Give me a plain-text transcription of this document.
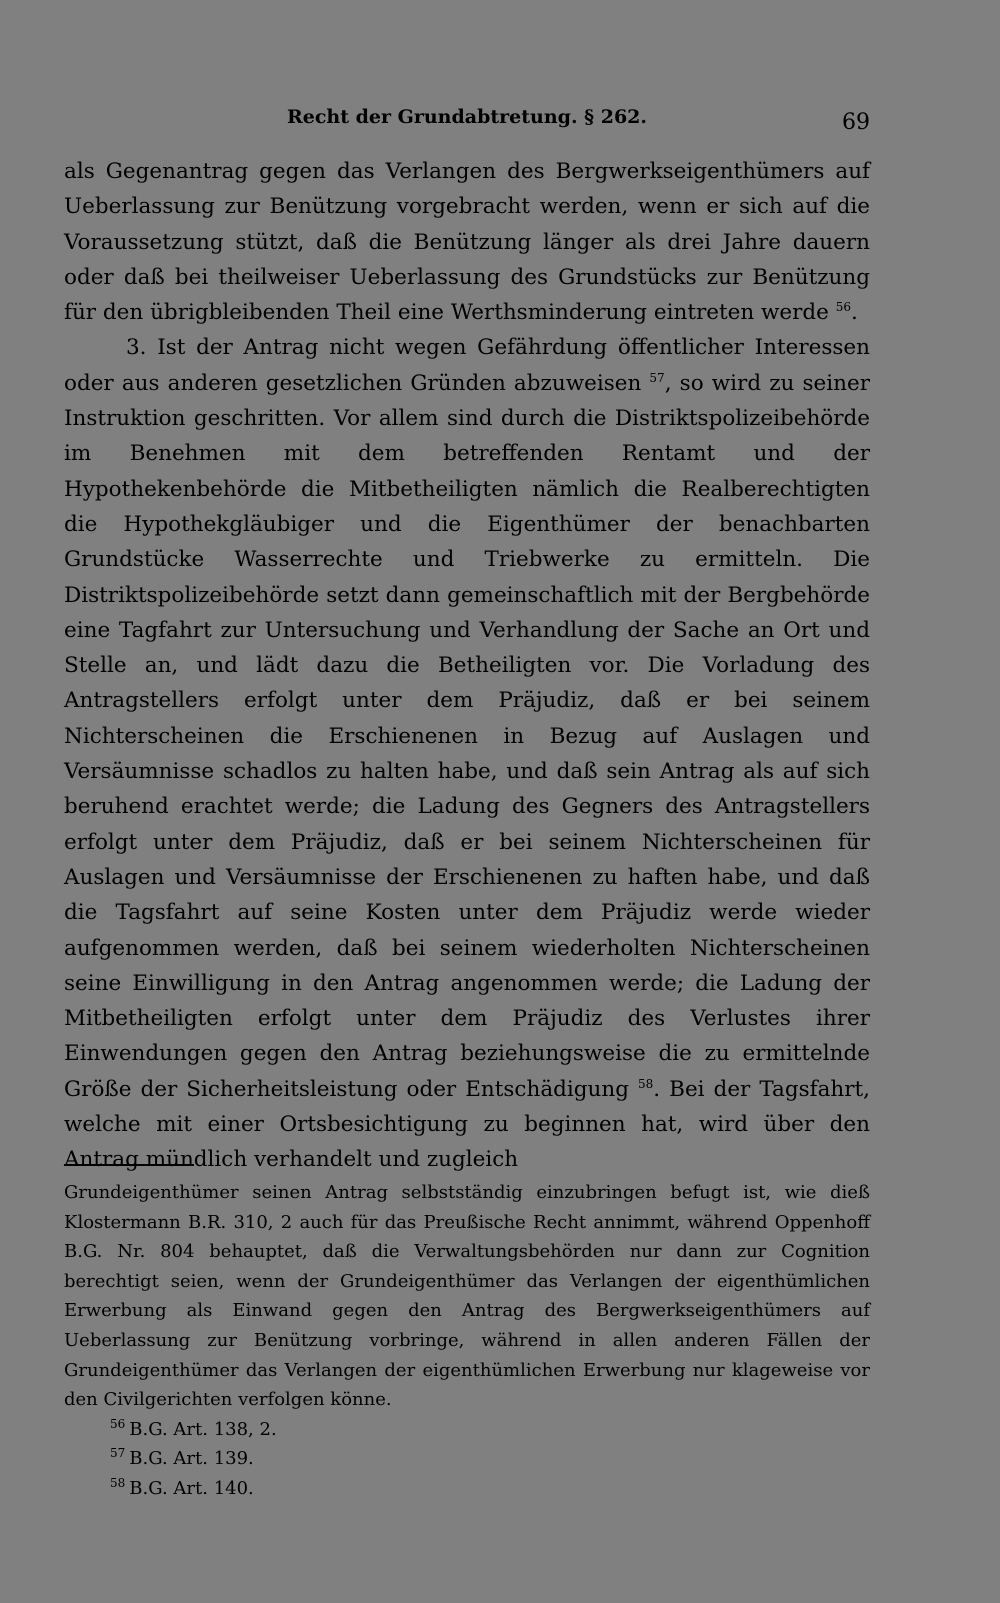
Recht der Grundabtretung. § 262.	69

als Gegenantrag gegen das Verlangen des Bergwerkseigenthümers auf Ueberlassung zur Benützung vorgebracht werden, wenn er sich auf die Voraussetzung stützt, daß die Benützung länger als drei Jahre dauern oder daß bei theilweiser Ueberlassung des Grundstücks zur Benützung für den übrigbleibenden Theil eine Werthsminderung eintreten werde $^{56}$.

3. Ist der Antrag nicht wegen Gefährdung öffentlicher Interessen oder aus anderen gesetzlichen Gründen abzuweisen $^{57}$, so wird zu seiner Instruktion geschritten. Vor allem sind durch die Distriktspolizeibehörde im Benehmen mit dem betreffenden Rentamt und der Hypothekenbehörde die Mitbetheiligten nämlich die Realberechtigten die Hypothekgläubiger und die Eigenthümer der benachbarten Grundstücke Wasserrechte und Triebwerke zu ermitteln. Die Distriktspolizeibehörde setzt dann gemeinschaftlich mit der Bergbehörde eine Tagfahrt zur Untersuchung und Verhandlung der Sache an Ort und Stelle an, und lädt dazu die Betheiligten vor. Die Vorladung des Antragstellers erfolgt unter dem Präjudiz, daß er bei seinem Nichterscheinen die Erschienenen in Bezug auf Auslagen und Versäumnisse schadlos zu halten habe, und daß sein Antrag als auf sich beruhend erachtet werde; die Ladung des Gegners des Antragstellers erfolgt unter dem Präjudiz, daß er bei seinem Nichterscheinen für Auslagen und Versäumnisse der Erschienenen zu haften habe, und daß die Tagsfahrt auf seine Kosten unter dem Präjudiz werde wieder aufgenommen werden, daß bei seinem wiederholten Nichterscheinen seine Einwilligung in den Antrag angenommen werde; die Ladung der Mitbetheiligten erfolgt unter dem Präjudiz des Verlustes ihrer Einwendungen gegen den Antrag beziehungsweise die zu ermittelnde Größe der Sicherheitsleistung oder Entschädigung $^{58}$. Bei der Tagsfahrt, welche mit einer Ortsbesichtigung zu beginnen hat, wird über den Antrag mündlich verhandelt und zugleich

Grundeigenthümer seinen Antrag selbstständig einzubringen befugt ist, wie dieß Klostermann B.R. 310, 2 auch für das Preußische Recht annimmt, während Oppenhoff B.G. Nr. 804 behauptet, daß die Verwaltungsbehörden nur dann zur Cognition berechtigt seien, wenn der Grundeigenthümer das Verlangen der eigenthümlichen Erwerbung als Einwand gegen den Antrag des Bergwerkseigenthümers auf Ueberlassung zur Benützung vorbringe, während in allen anderen Fällen der Grundeigenthümer das Verlangen der eigenthümlichen Erwerbung nur klageweise vor den Civilgerichten verfolgen könne.

$^{56}$ B.G. Art. 138, 2.

$^{57}$ B.G. Art. 139.

$^{58}$ B.G. Art. 140.
